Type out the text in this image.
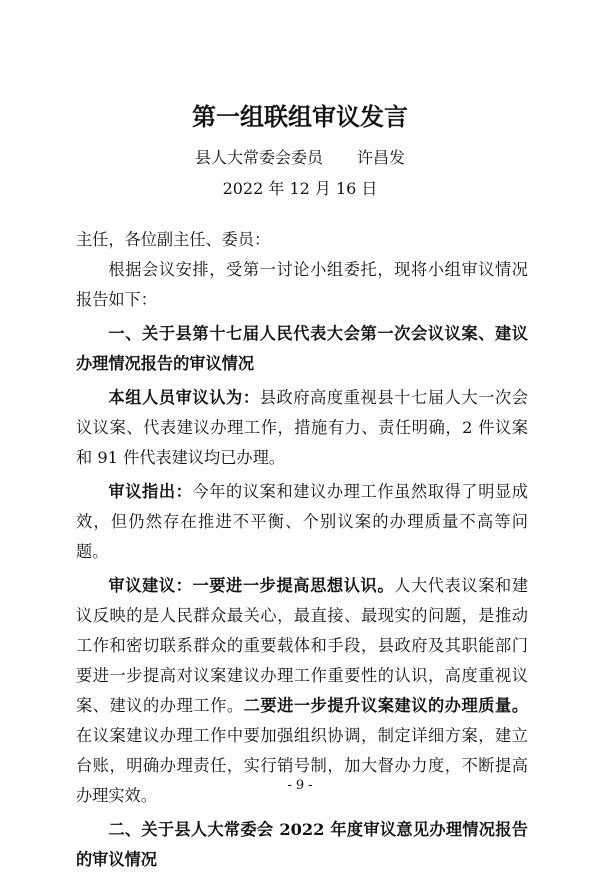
第一组联组审议发言
县人大常委会委员 许昌发
2022 年 12 月 16 日

主任，各位副主任、委员：

根据会议安排，受第一讨论小组委托，现将小组审议情况报告如下：

一、关于县第十七届人民代表大会第一次会议议案、建议办理情况报告的审议情况

本组人员审议认为：县政府高度重视县十七届人大一次会议议案、代表建议办理工作，措施有力、责任明确，2 件议案和 91 件代表建议均已办理。

审议指出：今年的议案和建议办理工作虽然取得了明显成效，但仍然存在推进不平衡、个别议案的办理质量不高等问题。

审议建议：一要进一步提高思想认识。人大代表议案和建议反映的是人民群众最关心，最直接、最现实的问题，是推动工作和密切联系群众的重要载体和手段，县政府及其职能部门要进一步提高对议案建议办理工作重要性的认识，高度重视议案、建议的办理工作。二要进一步提升议案建议的办理质量。在议案建议办理工作中要加强组织协调，制定详细方案，建立台账，明确办理责任，实行销号制，加大督办力度，不断提高办理实效。

二、关于县人大常委会 2022 年度审议意见办理情况报告的审议情况

- 9 -
